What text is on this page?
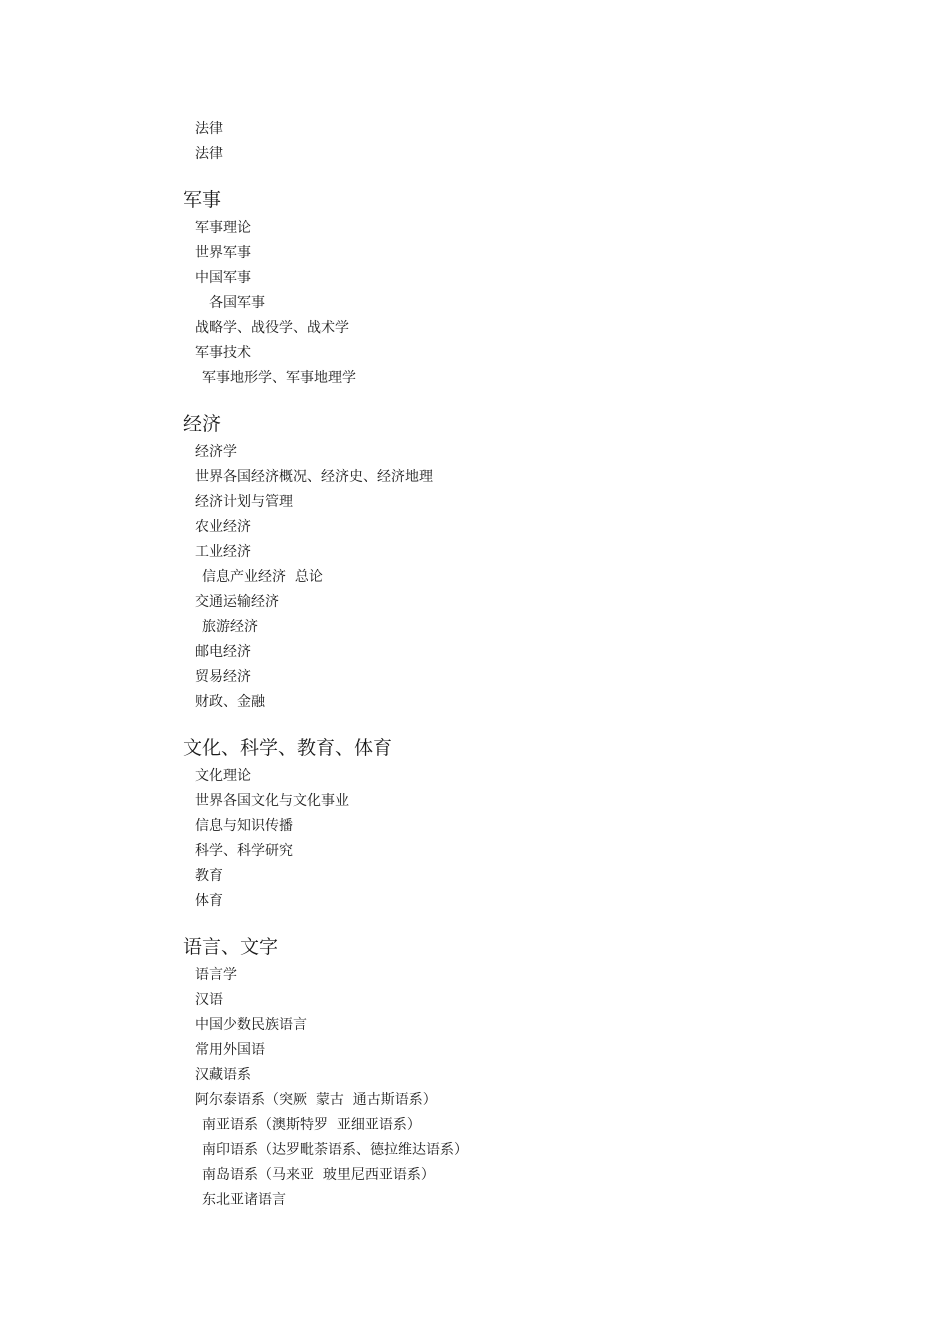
法律
法律
军事
军事理论
世界军事
中国军事
各国军事
战略学、战役学、战术学
军事技术
军事地形学、军事地理学
经济
经济学
世界各国经济概况、经济史、经济地理
经济计划与管理
农业经济
工业经济
信息产业经济  总论
交通运输经济
旅游经济
邮电经济
贸易经济
财政、金融
文化、科学、教育、体育
文化理论
世界各国文化与文化事业
信息与知识传播
科学、科学研究
教育
体育
语言、文字
语言学
汉语
中国少数民族语言
常用外国语
汉藏语系
阿尔泰语系（突厥  蒙古  通古斯语系）
南亚语系（澳斯特罗  亚细亚语系）
南印语系（达罗毗荼语系、德拉维达语系）
南岛语系（马来亚  玻里尼西亚语系）
东北亚诸语言
